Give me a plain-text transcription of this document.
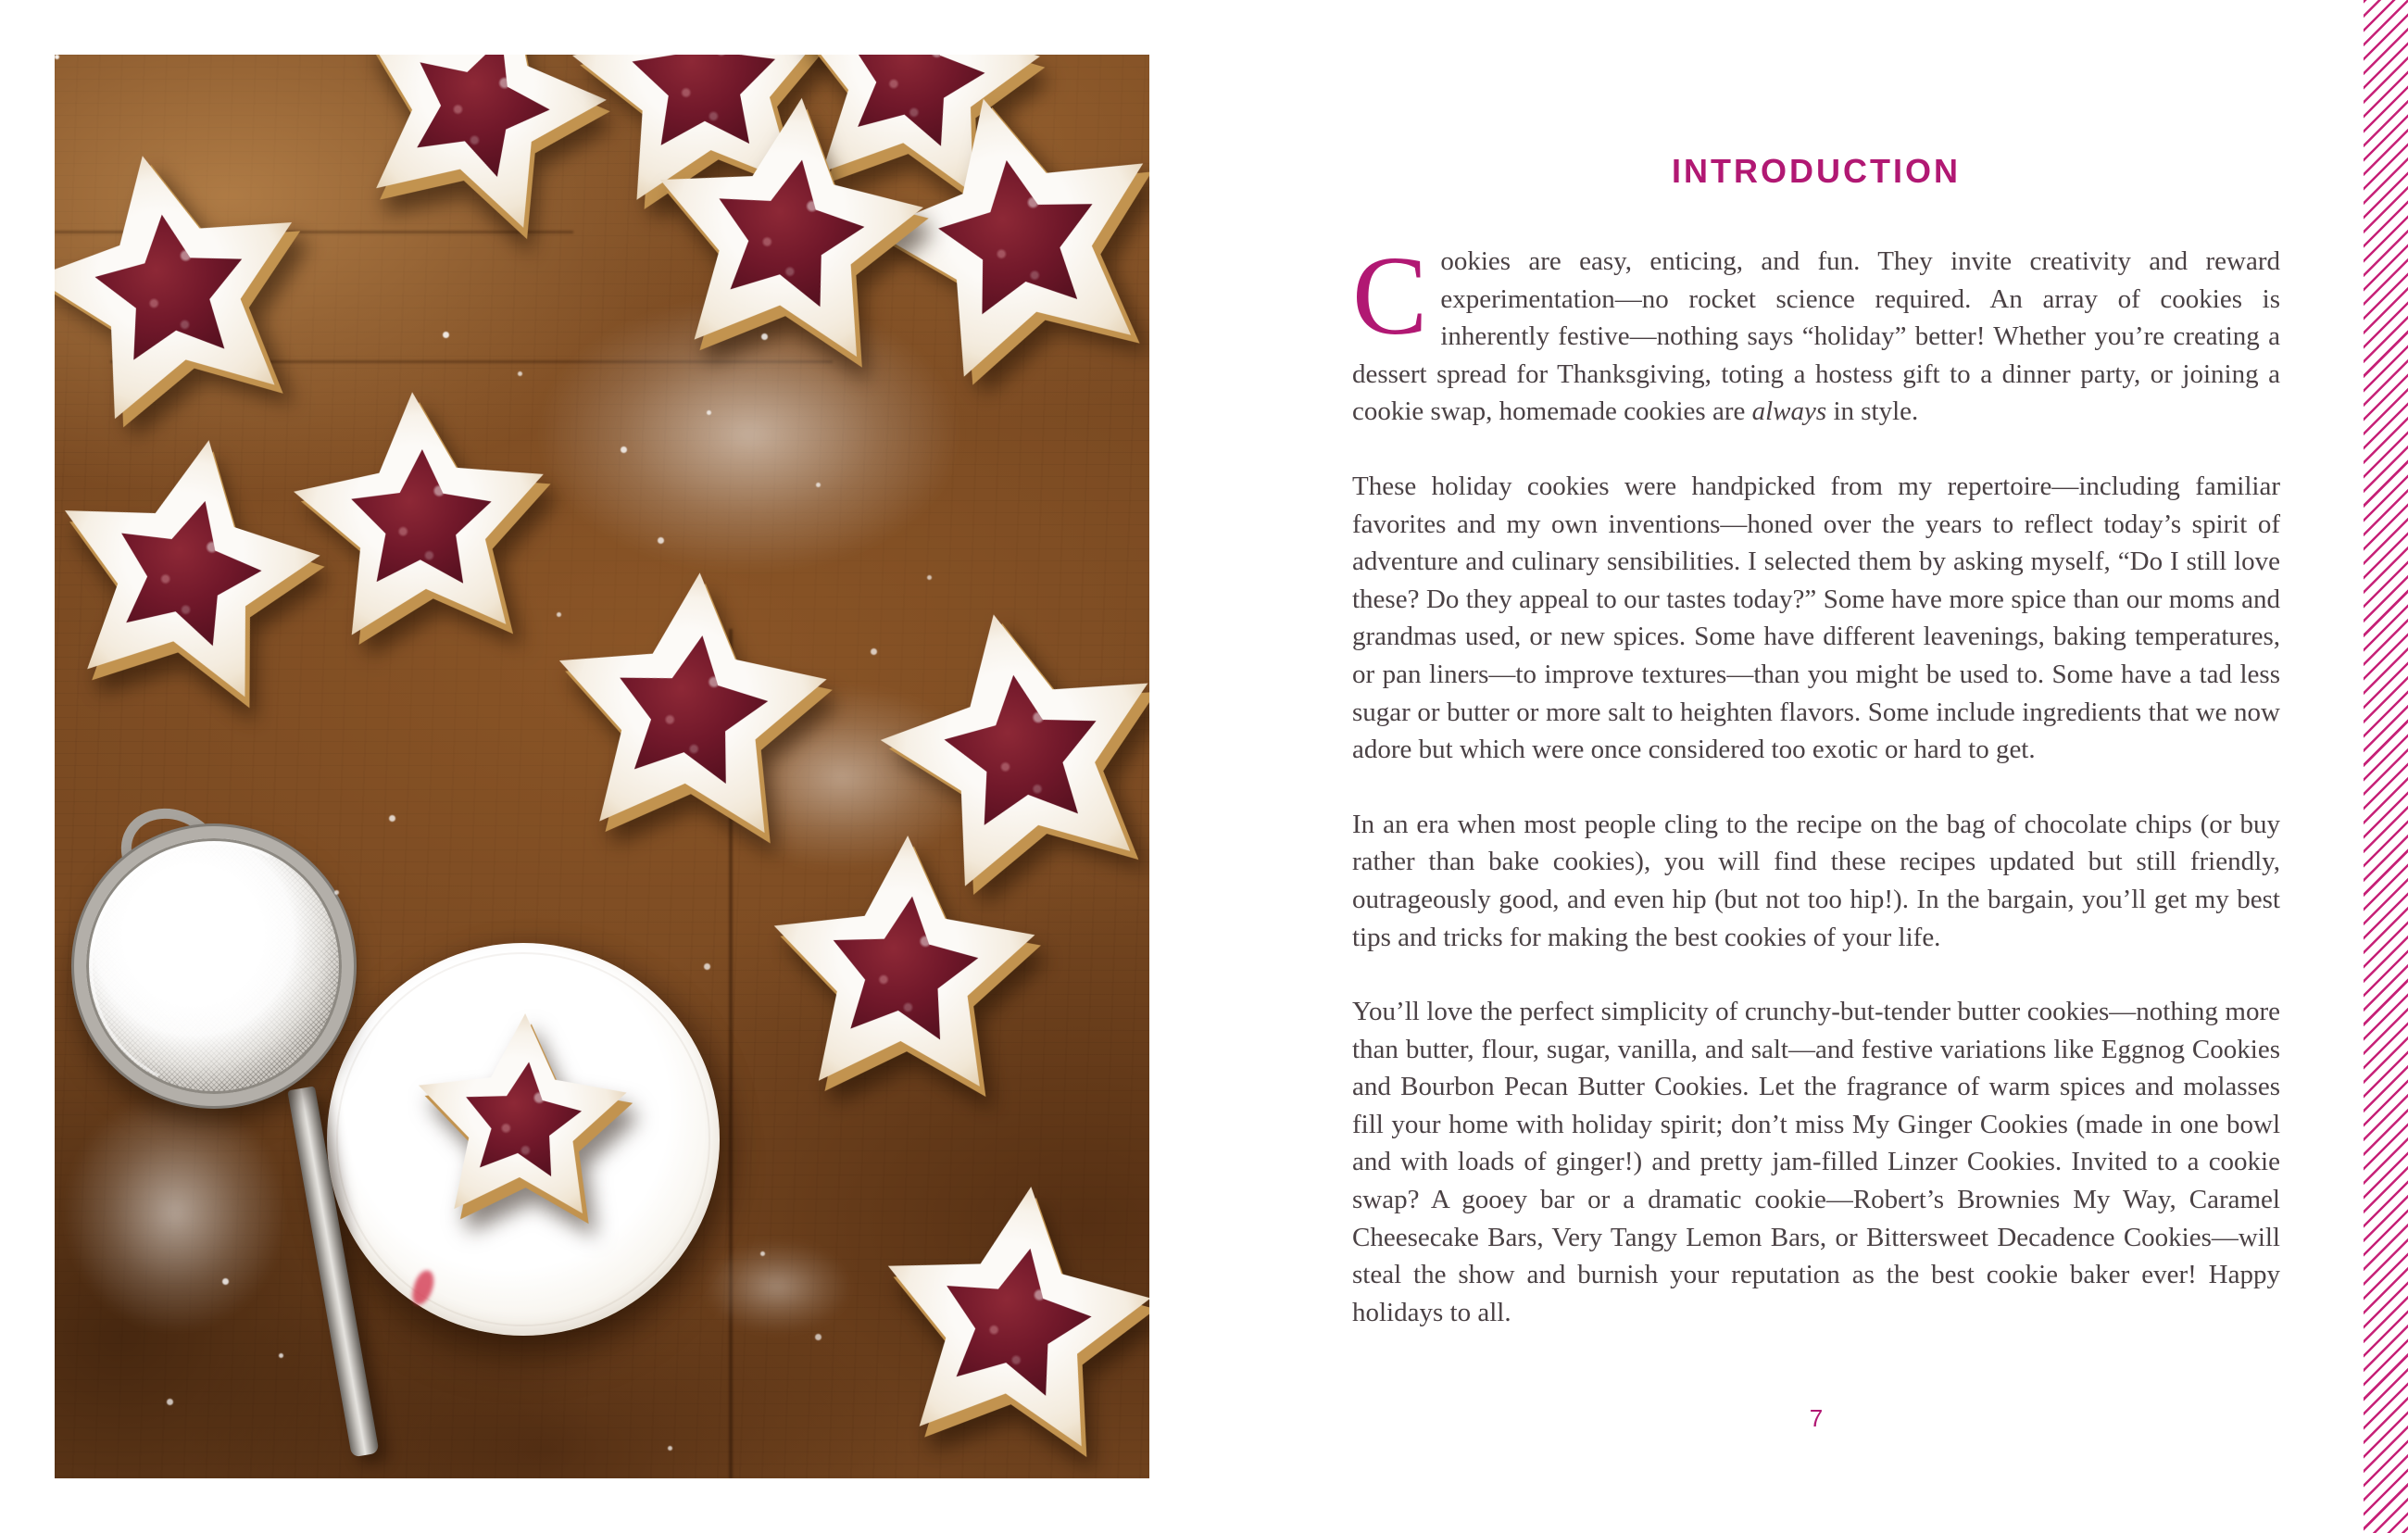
INTRODUCTION

Cookies are easy, enticing, and fun. They invite creativity and reward experimentation—no rocket science required. An array of cookies is inherently festive—nothing says “holiday” better! Whether you’re creating a dessert spread for Thanksgiving, toting a hostess gift to a dinner party, or joining a cookie swap, homemade cookies are always in style.

These holiday cookies were handpicked from my repertoire—including familiar favorites and my own inventions—honed over the years to reflect today’s spirit of adventure and culinary sensibilities. I selected them by asking myself, “Do I still love these? Do they appeal to our tastes today?” Some have more spice than our moms and grandmas used, or new spices. Some have different leavenings, baking temperatures, or pan liners—to improve textures—than you might be used to. Some have a tad less sugar or butter or more salt to heighten flavors. Some include ingredients that we now adore but which were once considered too exotic or hard to get.

In an era when most people cling to the recipe on the bag of chocolate chips (or buy rather than bake cookies), you will find these recipes updated but still friendly, outrageously good, and even hip (but not too hip!). In the bargain, you’ll get my best tips and tricks for making the best cookies of your life.

You’ll love the perfect simplicity of crunchy-but-tender butter cookies—nothing more than butter, flour, sugar, vanilla, and salt—and festive variations like Eggnog Cookies and Bourbon Pecan Butter Cookies. Let the fragrance of warm spices and molasses fill your home with holiday spirit; don’t miss My Ginger Cookies (made in one bowl and with loads of ginger!) and pretty jam-filled Linzer Cookies. Invited to a cookie swap? A gooey bar or a dramatic cookie—Robert’s Brownies My Way, Caramel Cheesecake Bars, Very Tangy Lemon Bars, or Bittersweet Decadence Cookies—will steal the show and burnish your reputation as the best cookie baker ever! Happy holidays to all.

7
